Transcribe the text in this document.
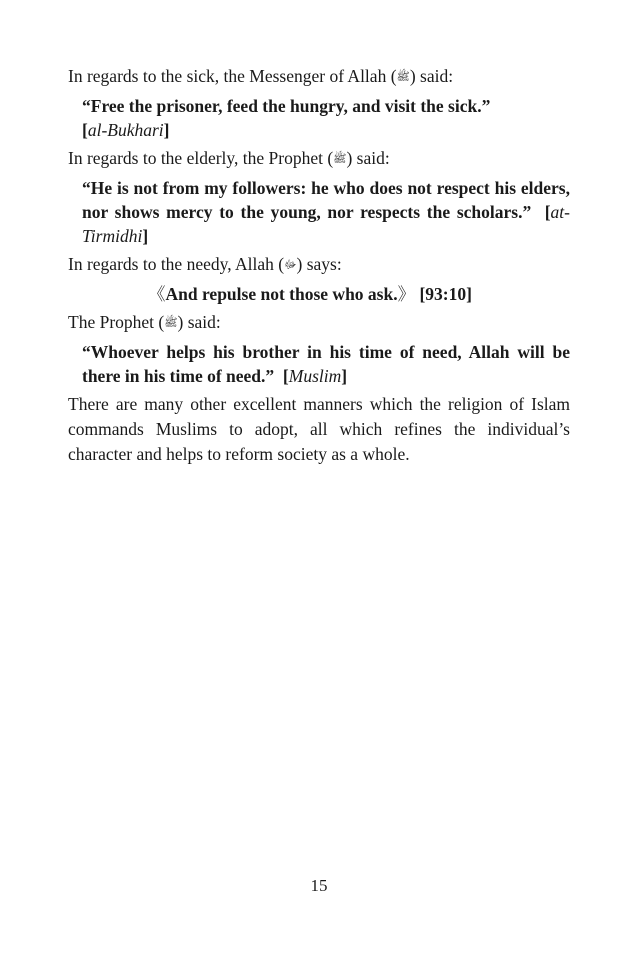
In regards to the sick, the Messenger of Allah (ﷺ) said:

“Free the prisoner, feed the hungry, and visit the sick.”
[al-Bukhari]

In regards to the elderly, the Prophet (ﷺ) said:

“He is not from my followers: he who does not respect his elders, nor shows mercy to the young, nor respects the scholars.” [at-Tirmidhi]

In regards to the needy, Allah (ﷻ) says:

《And repulse not those who ask.》 [93:10]

The Prophet (ﷺ) said:

“Whoever helps his brother in his time of need, Allah will be there in his time of need.” [Muslim]

There are many other excellent manners which the religion of Islam commands Muslims to adopt, all which refines the individual’s character and helps to reform society as a whole.

15
